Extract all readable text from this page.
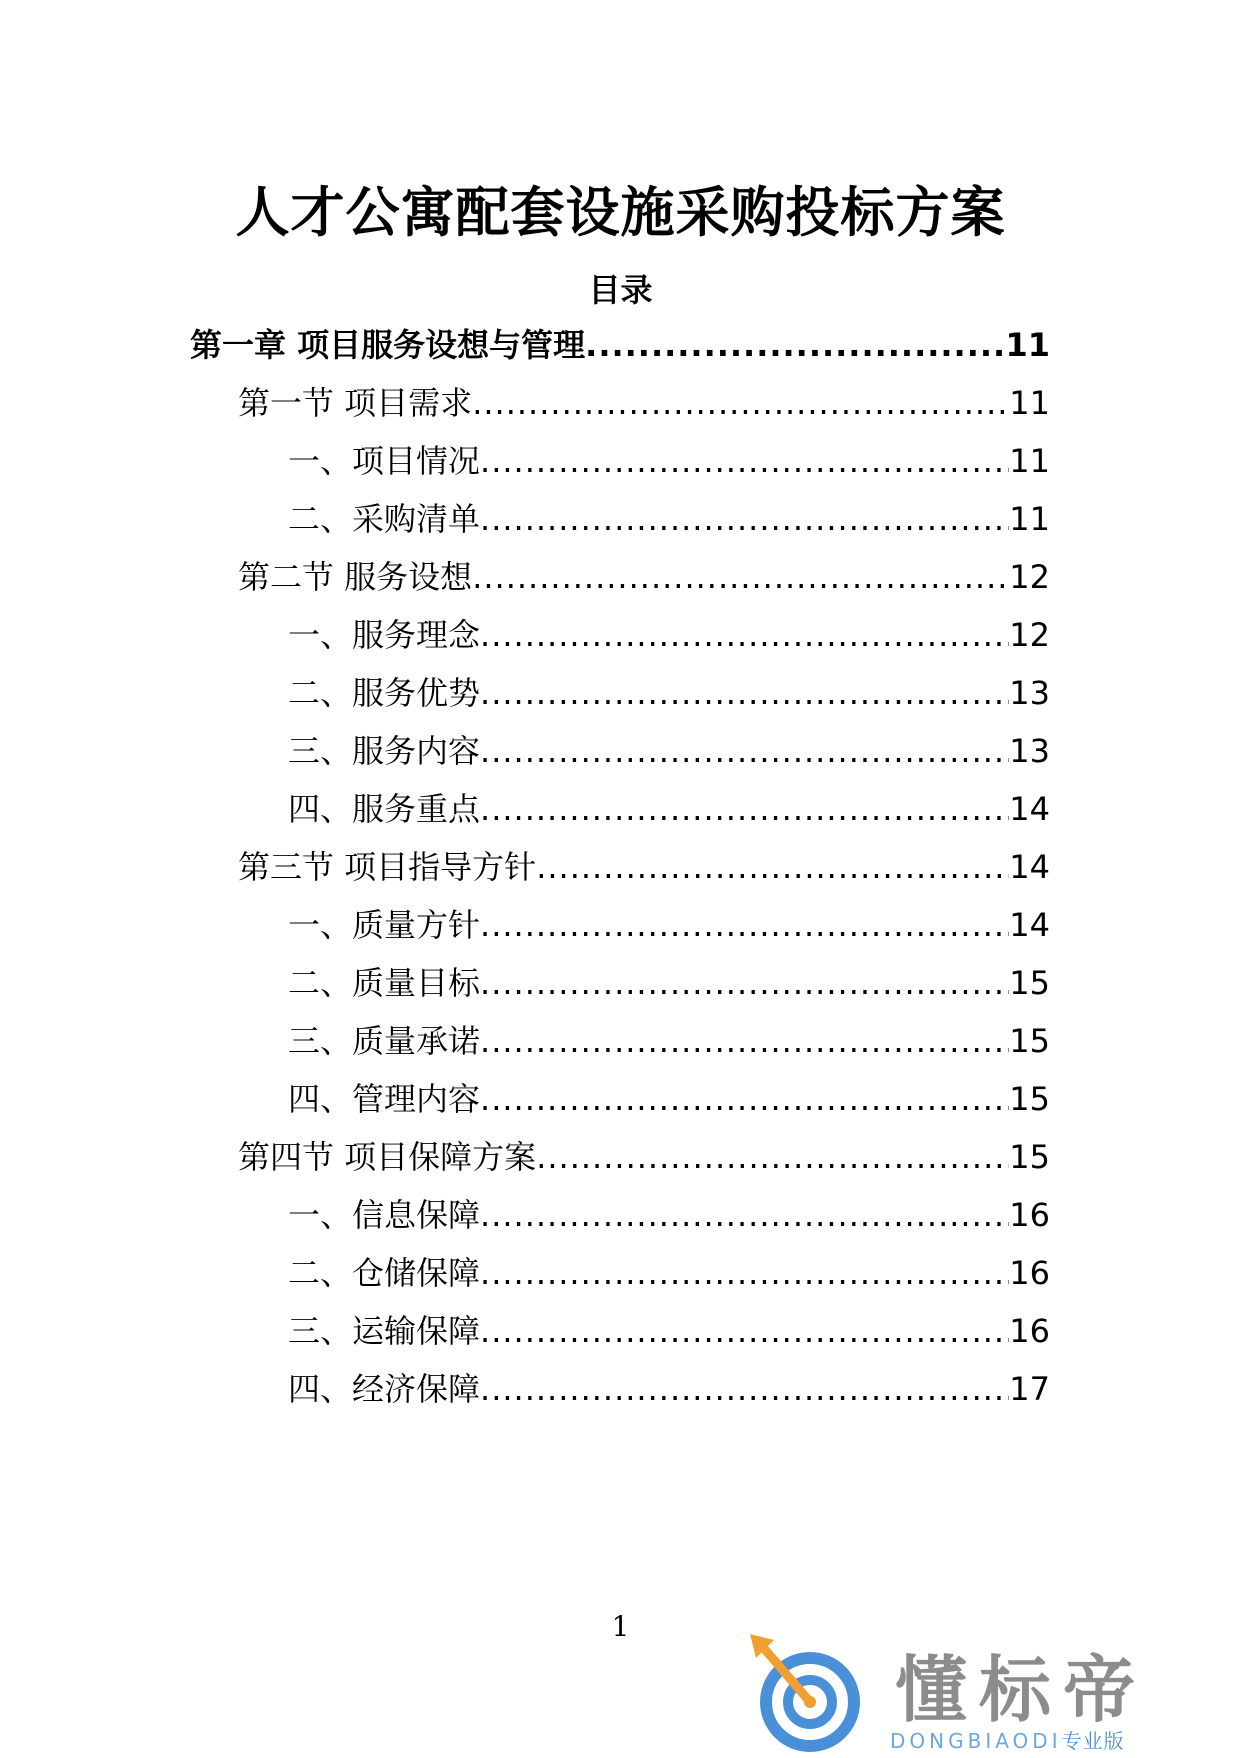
人才公寓配套设施采购投标方案
目录
第一章 项目服务设想与管理 .....	11
第一节 项目需求 .....	11
一、项目情况 .....	11
二、采购清单 .....	11
第二节 服务设想 .....	12
一、服务理念 .....	12
二、服务优势 .....	13
三、服务内容 .....	13
四、服务重点 .....	14
第三节 项目指导方针 .....	14
一、质量方针 .....	14
二、质量目标 .....	15
三、质量承诺 .....	15
四、管理内容 .....	15
第四节 项目保障方案 .....	15
一、信息保障 .....	16
二、仓储保障 .....	16
三、运输保障 .....	16
四、经济保障 .....	17
1
懂标帝
DONGBIAODI专业版
